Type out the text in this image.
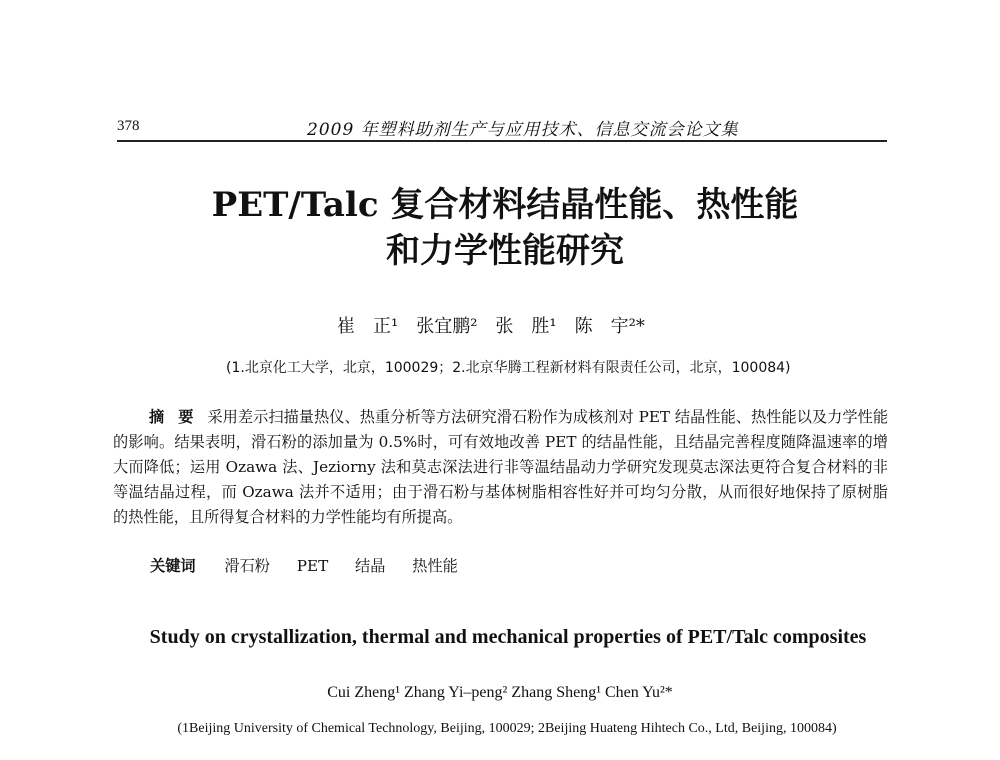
378	2009 年塑料助剂生产与应用技术、信息交流会论文集
PET/Talc 复合材料结晶性能、热性能
和力学性能研究
崔　正¹　张宜鹏²　张　胜¹　陈　宇²*
(1.北京化工大学，北京，100029；2.北京华腾工程新材料有限责任公司，北京，100084)
摘要采用差示扫描量热仪、热重分析等方法研究滑石粉作为成核剂对 PET 结晶性能、热性能以及力学性能的影响。结果表明，滑石粉的添加量为 0.5%时，可有效地改善 PET 的结晶性能，且结晶完善程度随降温速率的增大而降低；运用 Ozawa 法、Jeziorny 法和莫志深法进行非等温结晶动力学研究发现莫志深法更符合复合材料的非等温结晶过程，而 Ozawa 法并不适用；由于滑石粉与基体树脂相容性好并可均匀分散，从而很好地保持了原树脂的热性能，且所得复合材料的力学性能均有所提高。
关键词 滑石粉 PET 结晶 热性能
Study on crystallization, thermal and mechanical properties of PET/Talc composites
Cui Zheng¹ Zhang Yi–peng² Zhang Sheng¹ Chen Yu²*
(1Beijing University of Chemical Technology, Beijing, 100029; 2Beijing Huateng Hihtech Co., Ltd, Beijing, 100084)
